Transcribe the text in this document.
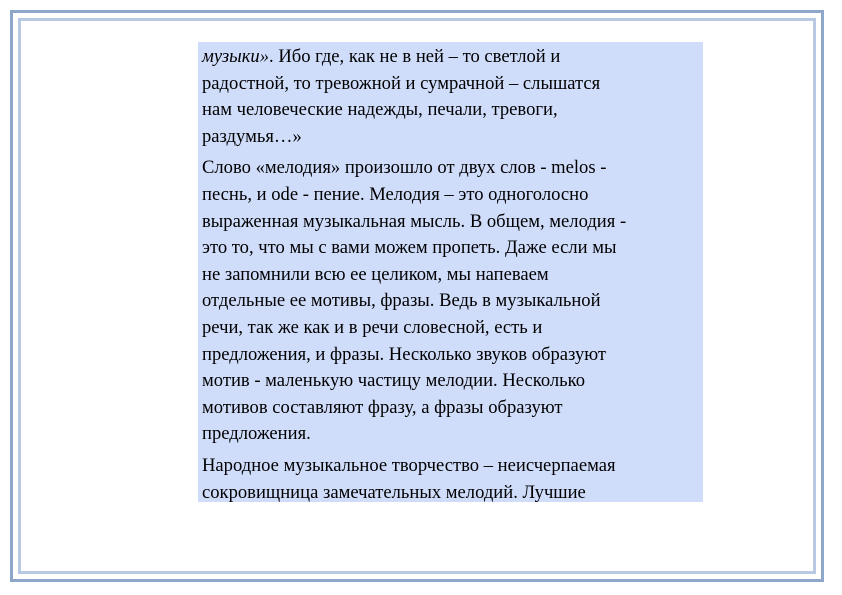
музыки». Ибо где, как не в ней – то светлой и
радостной, то тревожной и сумрачной – слышатся
нам человеческие надежды, печали, тревоги,
раздумья…»

Слово «мелодия» произошло от двух слов - melos -
песнь, и ode - пение. Мелодия – это одноголосно
выраженная музыкальная мысль. В общем, мелодия -
это то, что мы с вами можем пропеть. Даже если мы
не запомнили всю ее целиком, мы напеваем
отдельные ее мотивы, фразы. Ведь в музыкальной
речи, так же как и в речи словесной, есть и
предложения, и фразы. Несколько звуков образуют
мотив - маленькую частицу мелодии. Несколько
мотивов составляют фразу, а фразы образуют
предложения.

Народное музыкальное творчество – неисчерпаемая
сокровищница замечательных мелодий. Лучшие
